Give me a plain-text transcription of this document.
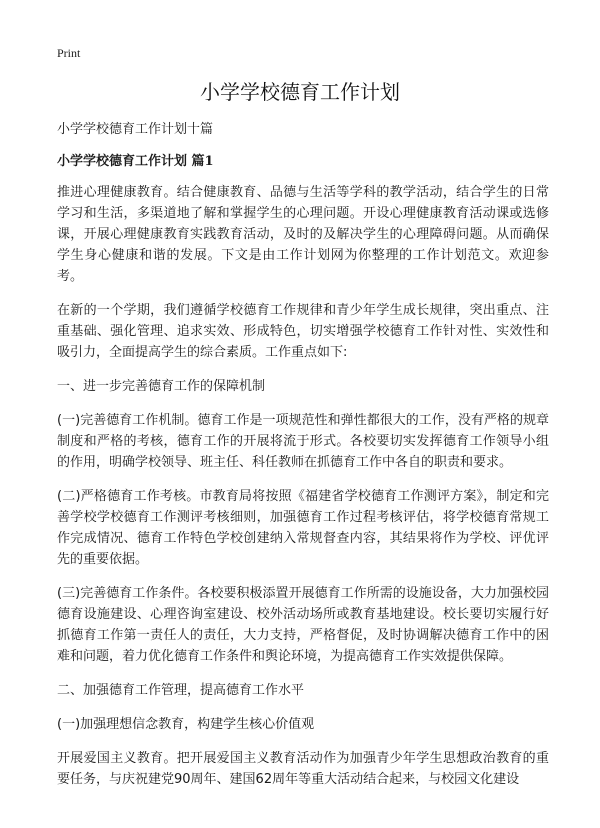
Print
小学学校德育工作计划

小学学校德育工作计划十篇

小学学校德育工作计划 篇1

推进心理健康教育。结合健康教育、品德与生活等学科的教学活动，结合学生的日常学习和生活，多渠道地了解和掌握学生的心理问题。开设心理健康教育活动课或选修课，开展心理健康教育实践教育活动，及时的及解决学生的心理障碍问题。从而确保学生身心健康和谐的发展。下文是由工作计划网为你整理的工作计划范文。欢迎参考。

在新的一个学期，我们遵循学校德育工作规律和青少年学生成长规律，突出重点、注重基础、强化管理、追求实效、形成特色，切实增强学校德育工作针对性、实效性和吸引力，全面提高学生的综合素质。工作重点如下:

一、进一步完善德育工作的保障机制

(一)完善德育工作机制。德育工作是一项规范性和弹性都很大的工作，没有严格的规章制度和严格的考核，德育工作的开展将流于形式。各校要切实发挥德育工作领导小组的作用，明确学校领导、班主任、科任教师在抓德育工作中各自的职责和要求。

(二)严格德育工作考核。市教育局将按照《福建省学校德育工作测评方案》，制定和完善学校学校德育工作测评考核细则，加强德育工作过程考核评估，将学校德育常规工作完成情况、德育工作特色学校创建纳入常规督查内容，其结果将作为学校、评优评先的重要依据。

(三)完善德育工作条件。各校要积极添置开展德育工作所需的设施设备，大力加强校园德育设施建设、心理咨询室建设、校外活动场所或教育基地建设。校长要切实履行好抓德育工作第一责任人的责任，大力支持，严格督促，及时协调解决德育工作中的困难和问题，着力优化德育工作条件和舆论环境，为提高德育工作实效提供保障。

二、加强德育工作管理，提高德育工作水平

(一)加强理想信念教育，构建学生核心价值观

开展爱国主义教育。把开展爱国主义教育活动作为加强青少年学生思想政治教育的重要任务，与庆祝建党90周年、建国62周年等重大活动结合起来，与校园文化建设
